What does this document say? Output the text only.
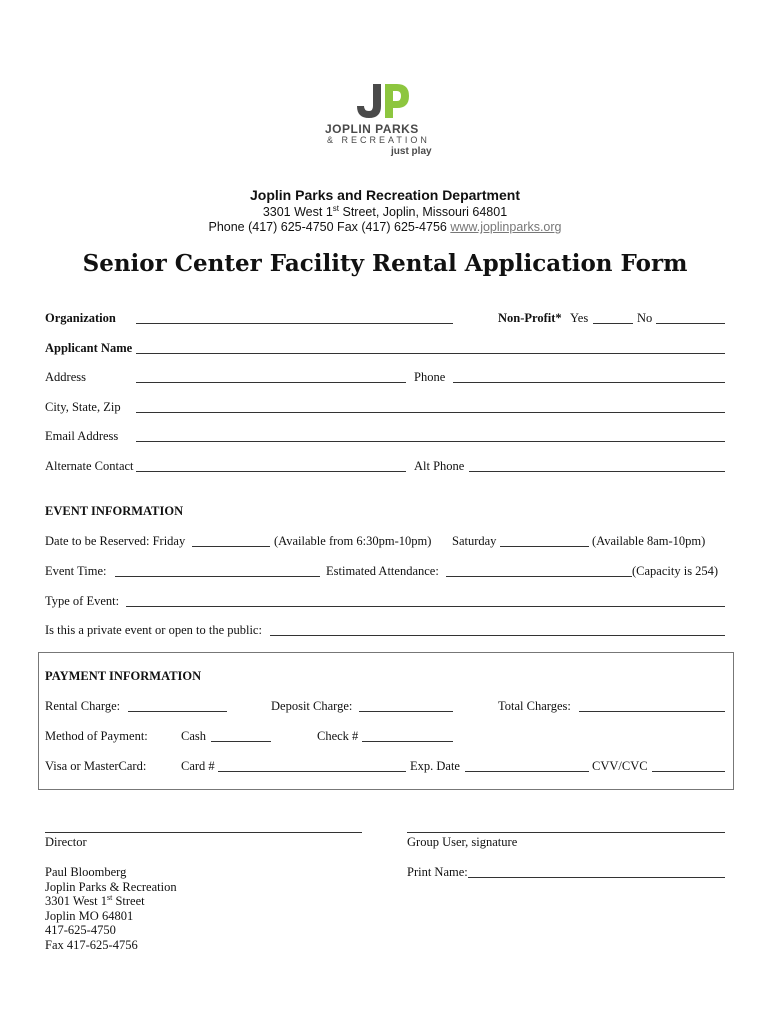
JOPLIN PARKS
& RECREATION
just play
Joplin Parks and Recreation Department
3301 West 1st Street, Joplin, Missouri 64801
Phone (417) 625-4750 Fax (417) 625-4756 www.joplinparks.org
Senior Center Facility Rental Application Form
Organization	Non-Profit* Yes	No
Applicant Name
Address	Phone
City, State, Zip
Email Address
Alternate Contact	Alt Phone
EVENT INFORMATION
Date to be Reserved: Friday	(Available from 6:30pm-10pm) Saturday	(Available 8am-10pm)
Event Time:	Estimated Attendance:	(Capacity is 254)
Type of Event:
Is this a private event or open to the public:
PAYMENT INFORMATION
Rental Charge:	Deposit Charge:	Total Charges:
Method of Payment:	Cash	Check #
Visa or MasterCard:	Card #	Exp. Date	CVV/CVC
Director	Group User, signature
Print Name:
Paul Bloomberg
Joplin Parks & Recreation
3301 West 1st Street
Joplin MO 64801
417-625-4750
Fax 417-625-4756
